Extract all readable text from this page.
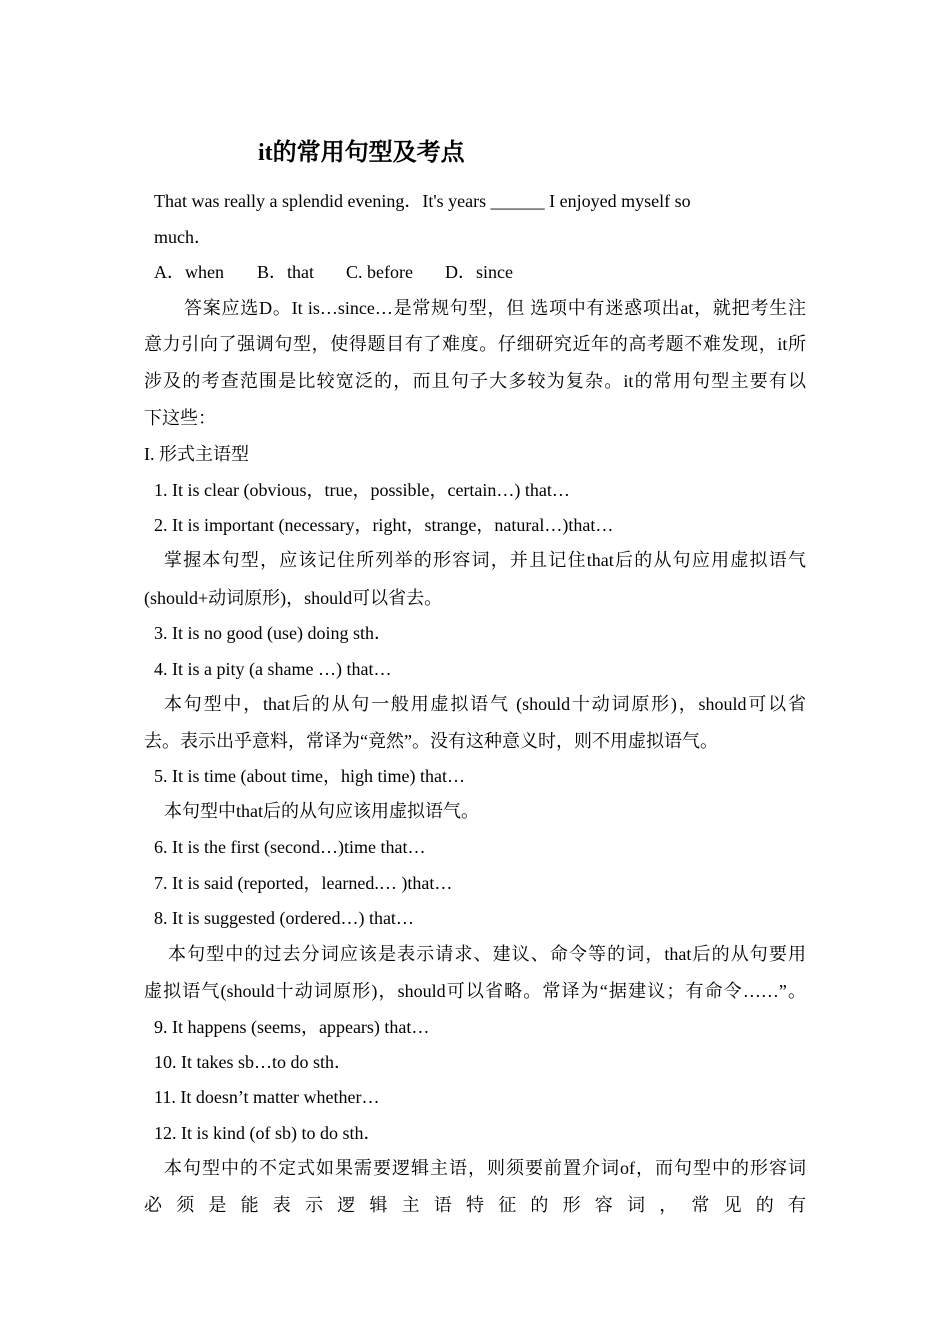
it的常用句型及考点
That was really a splendid evening．It's years ______ I enjoyed myself so
much．
A．when B．that C. before D．since
答案应选D。It is…since…是常规句型，但 选项中有迷惑项出at，就把考生注
意力引向了强调句型，使得题目有了难度。仔细研究近年的高考题不难发现，it所
涉及的考查范围是比较宽泛的，而且句子大多较为复杂。it的常用句型主要有以
下这些：
I. 形式主语型
1. It is clear (obvious，true，possible，certain…) that…
2. It is important (necessary，right，strange，natural…)that…
掌握本句型，应该记住所列举的形容词，并且记住that后的从句应用虚拟语气
(should+动词原形)，should可以省去。
3. It is no good (use) doing sth．
4. It is a pity (a shame …) that…
本句型中，that后的从句一般用虚拟语气 (should十动词原形)，should可以省
去。表示出乎意料，常译为“竟然”。没有这种意义时，则不用虚拟语气。
5. It is time (about time，high time) that…
本句型中that后的从句应该用虚拟语气。
6. It is the first (second…)time that…
7. It is said (reported，learned.… )that…
8. It is suggested (ordered…) that…
本句型中的过去分词应该是表示请求、建议、命令等的词，that后的从句要用
虚拟语气(should十动词原形)，should可以省略。常译为“据建议；有命令……”。
9. It happens (seems，appears) that…
10. It takes sb…to do sth．
11. It doesn’t matter whether…
12. It is kind (of sb) to do sth．
本句型中的不定式如果需要逻辑主语，则须要前置介词of，而句型中的形容词
必 须 是 能 表 示 逻 辑 主 语 特 征 的 形 容 词 ， 常 见 的 有
